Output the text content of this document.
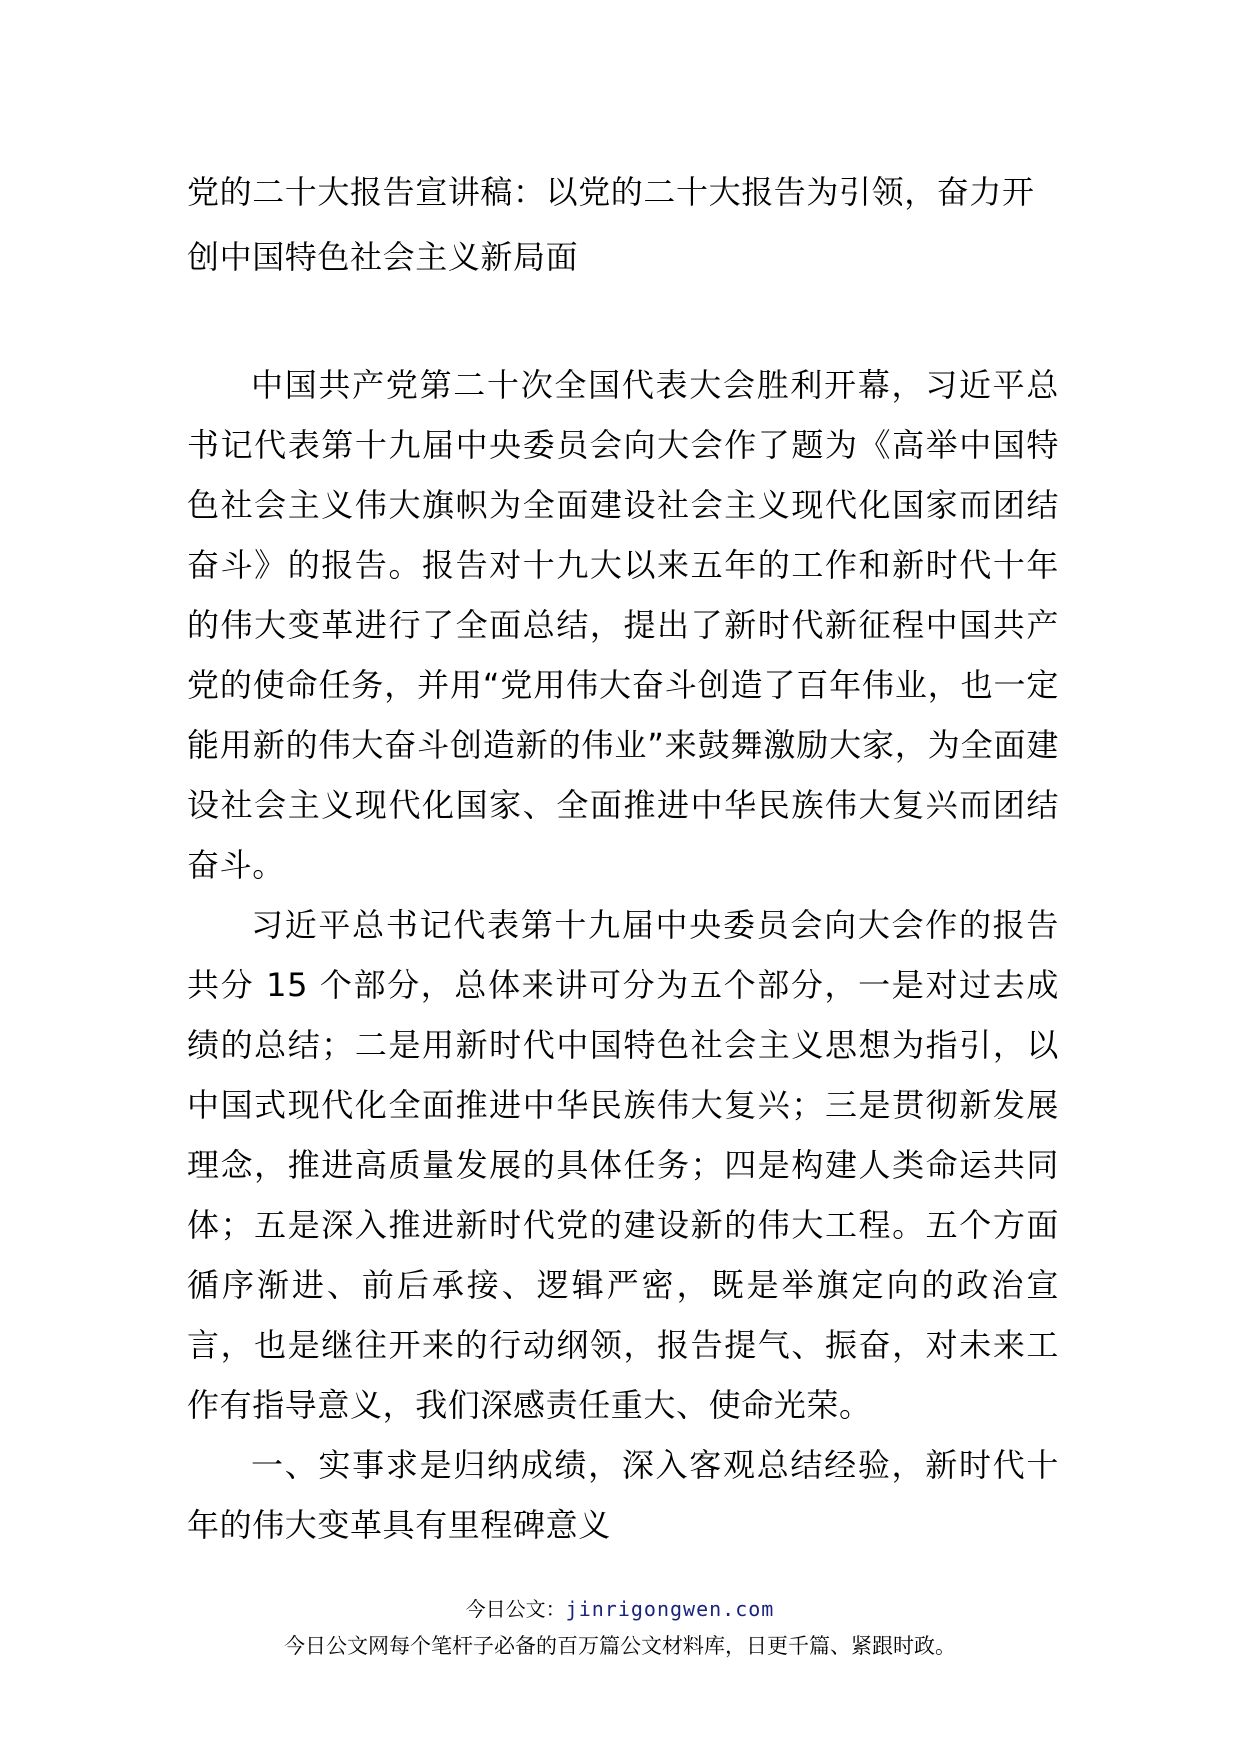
党的二十大报告宣讲稿：以党的二十大报告为引领，奋力开创中国特色社会主义新局面

中国共产党第二十次全国代表大会胜利开幕，习近平总书记代表第十九届中央委员会向大会作了题为《高举中国特色社会主义伟大旗帜为全面建设社会主义现代化国家而团结奋斗》的报告。报告对十九大以来五年的工作和新时代十年的伟大变革进行了全面总结，提出了新时代新征程中国共产党的使命任务，并用“党用伟大奋斗创造了百年伟业，也一定能用新的伟大奋斗创造新的伟业”来鼓舞激励大家，为全面建设社会主义现代化国家、全面推进中华民族伟大复兴而团结奋斗。

习近平总书记代表第十九届中央委员会向大会作的报告共分 15 个部分，总体来讲可分为五个部分，一是对过去成绩的总结；二是用新时代中国特色社会主义思想为指引，以中国式现代化全面推进中华民族伟大复兴；三是贯彻新发展理念，推进高质量发展的具体任务；四是构建人类命运共同体；五是深入推进新时代党的建设新的伟大工程。五个方面循序渐进、前后承接、逻辑严密，既是举旗定向的政治宣言，也是继往开来的行动纲领，报告提气、振奋，对未来工作有指导意义，我们深感责任重大、使命光荣。

一、实事求是归纳成绩，深入客观总结经验，新时代十年的伟大变革具有里程碑意义

今日公文：jinrigongwen.com
今日公文网每个笔杆子必备的百万篇公文材料库，日更千篇、紧跟时政。
